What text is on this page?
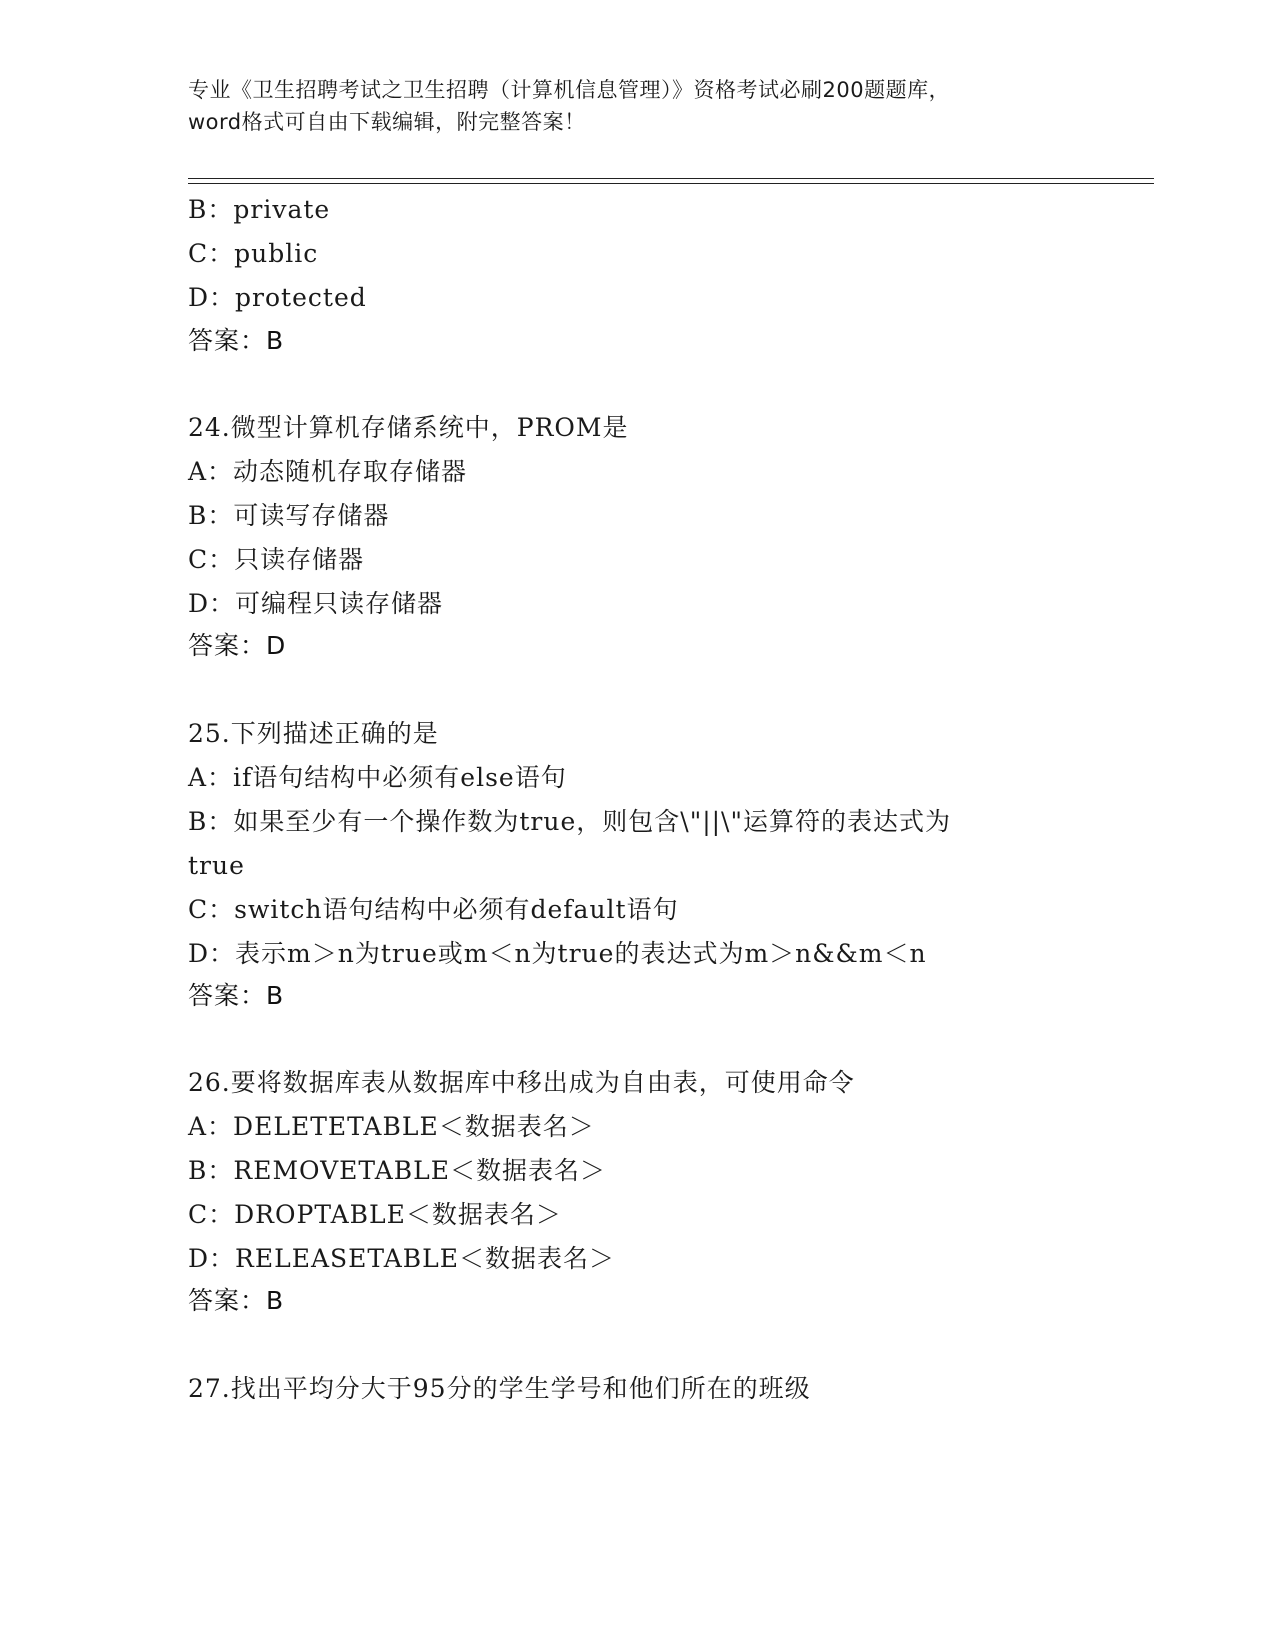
专业《卫生招聘考试之卫生招聘（计算机信息管理）》资格考试必刷200题题库，
word格式可自由下载编辑，附完整答案！
B：private
C：public
D：protected
答案：B
24.微型计算机存储系统中，PROM是
A：动态随机存取存储器
B：可读写存储器
C：只读存储器
D：可编程只读存储器
答案：D
25.下列描述正确的是
A：if语句结构中必须有else语句
B：如果至少有一个操作数为true，则包含\"||\"运算符的表达式为
true
C：switch语句结构中必须有default语句
D：表示m＞n为true或m＜n为true的表达式为m＞n&&m＜n
答案：B
26.要将数据库表从数据库中移出成为自由表，可使用命令
A：DELETETABLE＜数据表名＞
B：REMOVETABLE＜数据表名＞
C：DROPTABLE＜数据表名＞
D：RELEASETABLE＜数据表名＞
答案：B
27.找出平均分大于95分的学生学号和他们所在的班级
